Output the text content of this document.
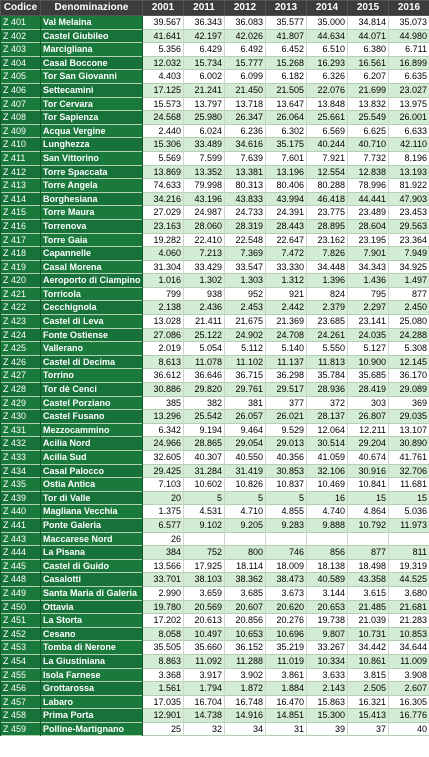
Codice	Denominazione	2001	2011	2012	2013	2014	2015	2016
Z 401	Val Melaina	39.567	36.343	36.083	35.577	35.000	34.814	35.073
Z 402	Castel Giubileo	41.641	42.197	42.026	41.807	44.634	44.071	44.980
Z 403	Marcigliana	5.356	6.429	6.492	6.452	6.510	6.380	6.711
Z 404	Casal Boccone	12.032	15.734	15.777	15.268	16.293	16.561	16.899
Z 405	Tor San Giovanni	4.403	6.002	6.099	6.182	6.326	6.207	6.635
Z 406	Settecamini	17.125	21.241	21.450	21.505	22.076	21.699	23.027
Z 407	Tor Cervara	15.573	13.797	13.718	13.647	13.848	13.832	13.975
Z 408	Tor Sapienza	24.568	25.980	26.347	26.064	25.661	25.549	26.001
Z 409	Acqua Vergine	2.440	6.024	6.236	6.302	6.569	6.625	6.633
Z 410	Lunghezza	15.306	33.489	34.616	35.175	40.244	40.710	42.110
Z 411	San Vittorino	5.569	7.599	7.639	7.601	7.921	7.732	8.196
Z 412	Torre Spaccata	13.869	13.352	13.381	13.196	12.554	12.838	13.193
Z 413	Torre Angela	74.633	79.998	80.313	80.406	80.288	78.996	81.922
Z 414	Borghesiana	34.216	43.196	43.833	43.994	46.418	44.441	47.903
Z 415	Torre Maura	27.029	24.987	24.733	24.391	23.775	23.489	23.453
Z 416	Torrenova	23.163	28.060	28.319	28.443	28.895	28.604	29.563
Z 417	Torre Gaia	19.282	22.410	22.548	22.647	23.162	23.195	23.364
Z 418	Capannelle	4.060	7.213	7.369	7.472	7.826	7.901	7.949
Z 419	Casal Morena	31.304	33.429	33.547	33.330	34.448	34.343	34.925
Z 420	Aeroporto di Ciampino	1.016	1.302	1.303	1.312	1.396	1.436	1.497
Z 421	Torricola	799	938	952	921	824	795	877
Z 422	Cecchignola	2.138	2.436	2.453	2.442	2.379	2.297	2.450
Z 423	Castel di Leva	13.028	21.411	21.675	21.369	23.685	23.141	25.080
Z 424	Fonte Ostiense	27.086	25.122	24.902	24.708	24.261	24.035	24.288
Z 425	Vallerano	2.019	5.054	5.112	5.140	5.550	5.127	5.308
Z 426	Castel di Decima	8.613	11.078	11.102	11.137	11.813	10.900	12.145
Z 427	Torrino	36.612	36.646	36.715	36.298	35.784	35.685	36.170
Z 428	Tor dè Cenci	30.886	29.820	29.761	29.517	28.936	28.419	29.089
Z 429	Castel Porziano	385	382	381	377	372	303	369
Z 430	Castel Fusano	13.296	25.542	26.057	26.021	28.137	26.807	29.035
Z 431	Mezzocammino	6.342	9.194	9.464	9.529	12.064	12.211	13.107
Z 432	Acilia Nord	24.966	28.865	29.054	29.013	30.514	29.204	30.890
Z 433	Acilia Sud	32.605	40.307	40.550	40.356	41.059	40.674	41.761
Z 434	Casal Palocco	29.425	31.284	31.419	30.853	32.106	30.916	32.706
Z 435	Ostia Antica	7.103	10.602	10.826	10.837	10.469	10.841	11.681
Z 439	Tor di Valle	20	5	5	5	16	15	15
Z 440	Magliana Vecchia	1.375	4.531	4.710	4.855	4.740	4.864	5.036
Z 441	Ponte Galeria	6.577	9.102	9.205	9.283	9.888	10.792	11.973
Z 443	Maccarese Nord	26						
Z 444	La Pisana	384	752	800	746	856	877	811
Z 445	Castel di Guido	13.566	17.925	18.114	18.009	18.138	18.498	19.319
Z 448	Casalotti	33.701	38.103	38.362	38.473	40.589	43.358	44.525
Z 449	Santa Maria di Galeria	2.990	3.659	3.685	3.673	3.144	3.615	3.680
Z 450	Ottavia	19.780	20.569	20.607	20.620	20.653	21.485	21.681
Z 451	La Storta	17.202	20.613	20.856	20.276	19.738	21.039	21.283
Z 452	Cesano	8.058	10.497	10.653	10.696	9.807	10.731	10.853
Z 453	Tomba di Nerone	35.505	35.660	36.152	35.219	33.267	34.442	34.644
Z 454	La Giustiniana	8.863	11.092	11.288	11.019	10.334	10.861	11.009
Z 455	Isola Farnese	3.368	3.917	3.902	3.861	3.633	3.815	3.908
Z 456	Grottarossa	1.561	1.794	1.872	1.884	2.143	2.505	2.607
Z 457	Labaro	17.035	16.704	16.748	16.470	15.863	16.321	16.305
Z 458	Prima Porta	12.901	14.738	14.916	14.851	15.300	15.413	16.776
Z 459	Polline-Martignano	25	32	34	31	39	37	40
